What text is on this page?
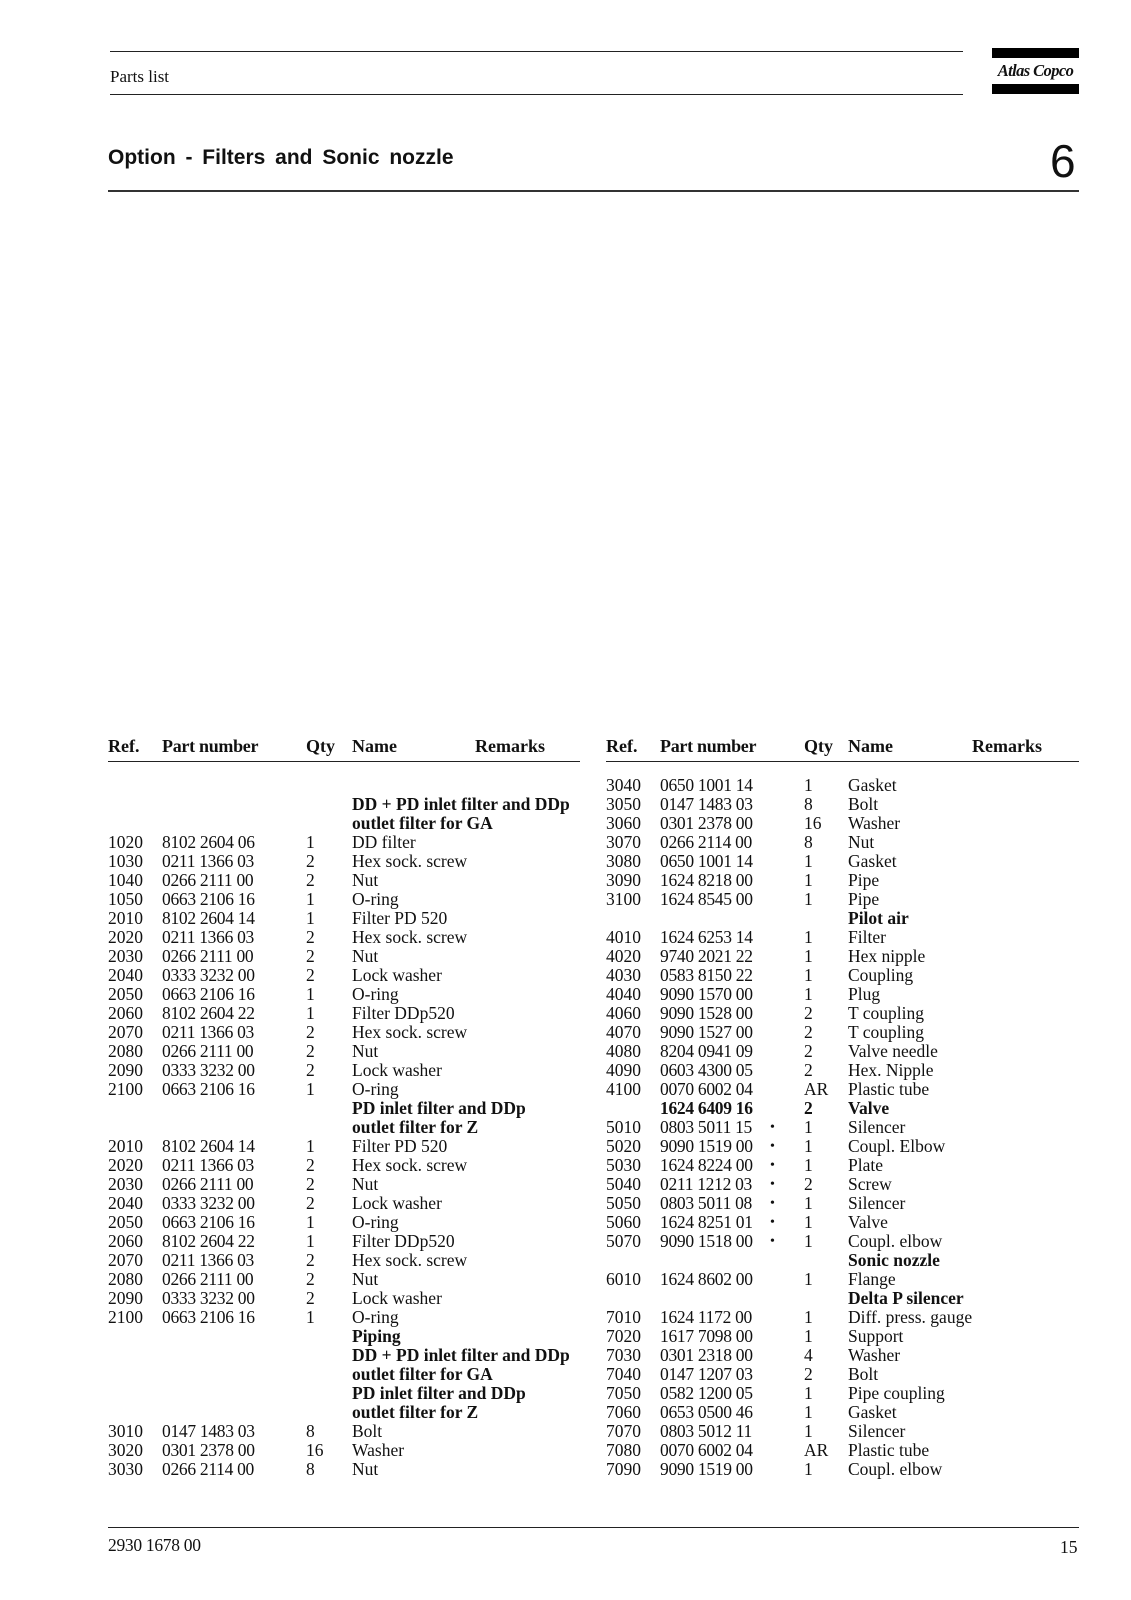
Parts list	Atlas Copco
Option - Filters and Sonic nozzle	6
Ref. Part number	Qty Name	Remarks
DD + PD inlet filter and DDp
outlet filter for GA
1020 8102 2604 06	1 DD filter
1030 0211 1366 03	2 Hex sock. screw
1040 0266 2111 00	2 Nut
1050 0663 2106 16	1 O-ring
2010 8102 2604 14	1 Filter PD 520
2020 0211 1366 03	2 Hex sock. screw
2030 0266 2111 00	2 Nut
2040 0333 3232 00	2 Lock washer
2050 0663 2106 16	1 O-ring
2060 8102 2604 22	1 Filter DDp520
2070 0211 1366 03	2 Hex sock. screw
2080 0266 2111 00	2 Nut
2090 0333 3232 00	2 Lock washer
2100 0663 2106 16	1 O-ring
PD inlet filter and DDp
outlet filter for Z
2010 8102 2604 14	1 Filter PD 520
2020 0211 1366 03	2 Hex sock. screw
2030 0266 2111 00	2 Nut
2040 0333 3232 00	2 Lock washer
2050 0663 2106 16	1 O-ring
2060 8102 2604 22	1 Filter DDp520
2070 0211 1366 03	2 Hex sock. screw
2080 0266 2111 00	2 Nut
2090 0333 3232 00	2 Lock washer
2100 0663 2106 16	1 O-ring
Piping
DD + PD inlet filter and DDp
outlet filter for GA
PD inlet filter and DDp
outlet filter for Z
3010 0147 1483 03	8 Bolt
3020 0301 2378 00	16 Washer
3030 0266 2114 00	8 Nut
Ref. Part number	Qty Name	Remarks
3040 0650 1001 14	1 Gasket
3050 0147 1483 03	8 Bolt
3060 0301 2378 00	16 Washer
3070 0266 2114 00	8 Nut
3080 0650 1001 14	1 Gasket
3090 1624 8218 00	1 Pipe
3100 1624 8545 00	1 Pipe
Pilot air
4010 1624 6253 14	1 Filter
4020 9740 2021 22	1 Hex nipple
4030 0583 8150 22	1 Coupling
4040 9090 1570 00	1 Plug
4060 9090 1528 00	2 T coupling
4070 9090 1527 00	2 T coupling
4080 8204 0941 09	2 Valve needle
4090 0603 4300 05	2 Hex. Nipple
4100 0070 6002 04	AR Plastic tube
1624 6409 16	2 Valve
5010 0803 5011 15 • 1 Silencer
5020 9090 1519 00 • 1 Coupl. Elbow
5030 1624 8224 00 • 1 Plate
5040 0211 1212 03 • 2 Screw
5050 0803 5011 08 • 1 Silencer
5060 1624 8251 01 • 1 Valve
5070 9090 1518 00 • 1 Coupl. elbow
Sonic nozzle
6010 1624 8602 00	1 Flange
Delta P silencer
7010 1624 1172 00	1 Diff. press. gauge
7020 1617 7098 00	1 Support
7030 0301 2318 00	4 Washer
7040 0147 1207 03	2 Bolt
7050 0582 1200 05	1 Pipe coupling
7060 0653 0500 46	1 Gasket
7070 0803 5012 11	1 Silencer
7080 0070 6002 04	AR Plastic tube
7090 9090 1519 00	1 Coupl. elbow
2930 1678 00	15
